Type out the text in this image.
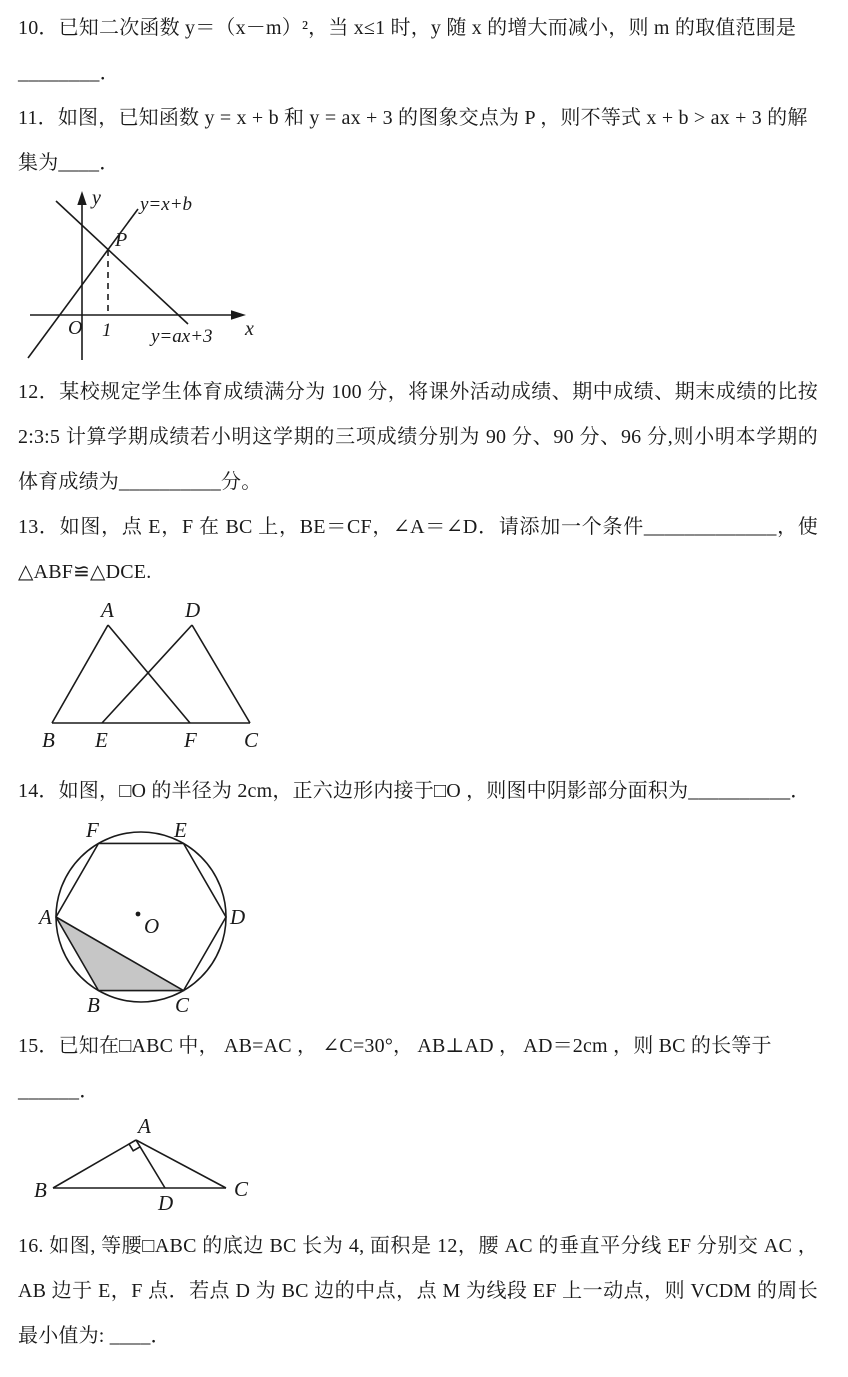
10．已知二次函数 y＝（x－m）²，当 x≤1 时，y 随 x 的增大而减小，则 m 的取值范围是________．

11．如图，已知函数 y = x + b 和 y = ax + 3 的图象交点为 P ，则不等式 x + b > ax + 3 的解集为____．

y
x
O 1
P
y=x+b
y=ax+3

12．某校规定学生体育成绩满分为 100 分，将课外活动成绩、期中成绩、期末成绩的比按 2:3:5 计算学期成绩若小明这学期的三项成绩分别为 90 分、90 分、96 分,则小明本学期的体育成绩为__________分。

13．如图，点 E，F 在 BC 上，BE＝CF，∠A＝∠D．请添加一个条件_____________，使△ABF≌△DCE.

A	D
B E	F C

14．如图，□O 的半径为 2cm，正六边形内接于□O ，则图中阴影部分面积为__________．

F	E
A	D
B	C
O

15．已知在□ABC 中， AB=AC ， ∠C=30°， AB⊥AD ， AD＝2cm ，则 BC 的长等于______．

A
B	C
D

16. 如图, 等腰□ABC 的底边 BC 长为 4, 面积是 12，腰 AC 的垂直平分线 EF 分别交 AC ，AB 边于 E，F 点．若点 D 为 BC 边的中点，点 M 为线段 EF 上一动点，则 VCDM 的周长最小值为: ____．
